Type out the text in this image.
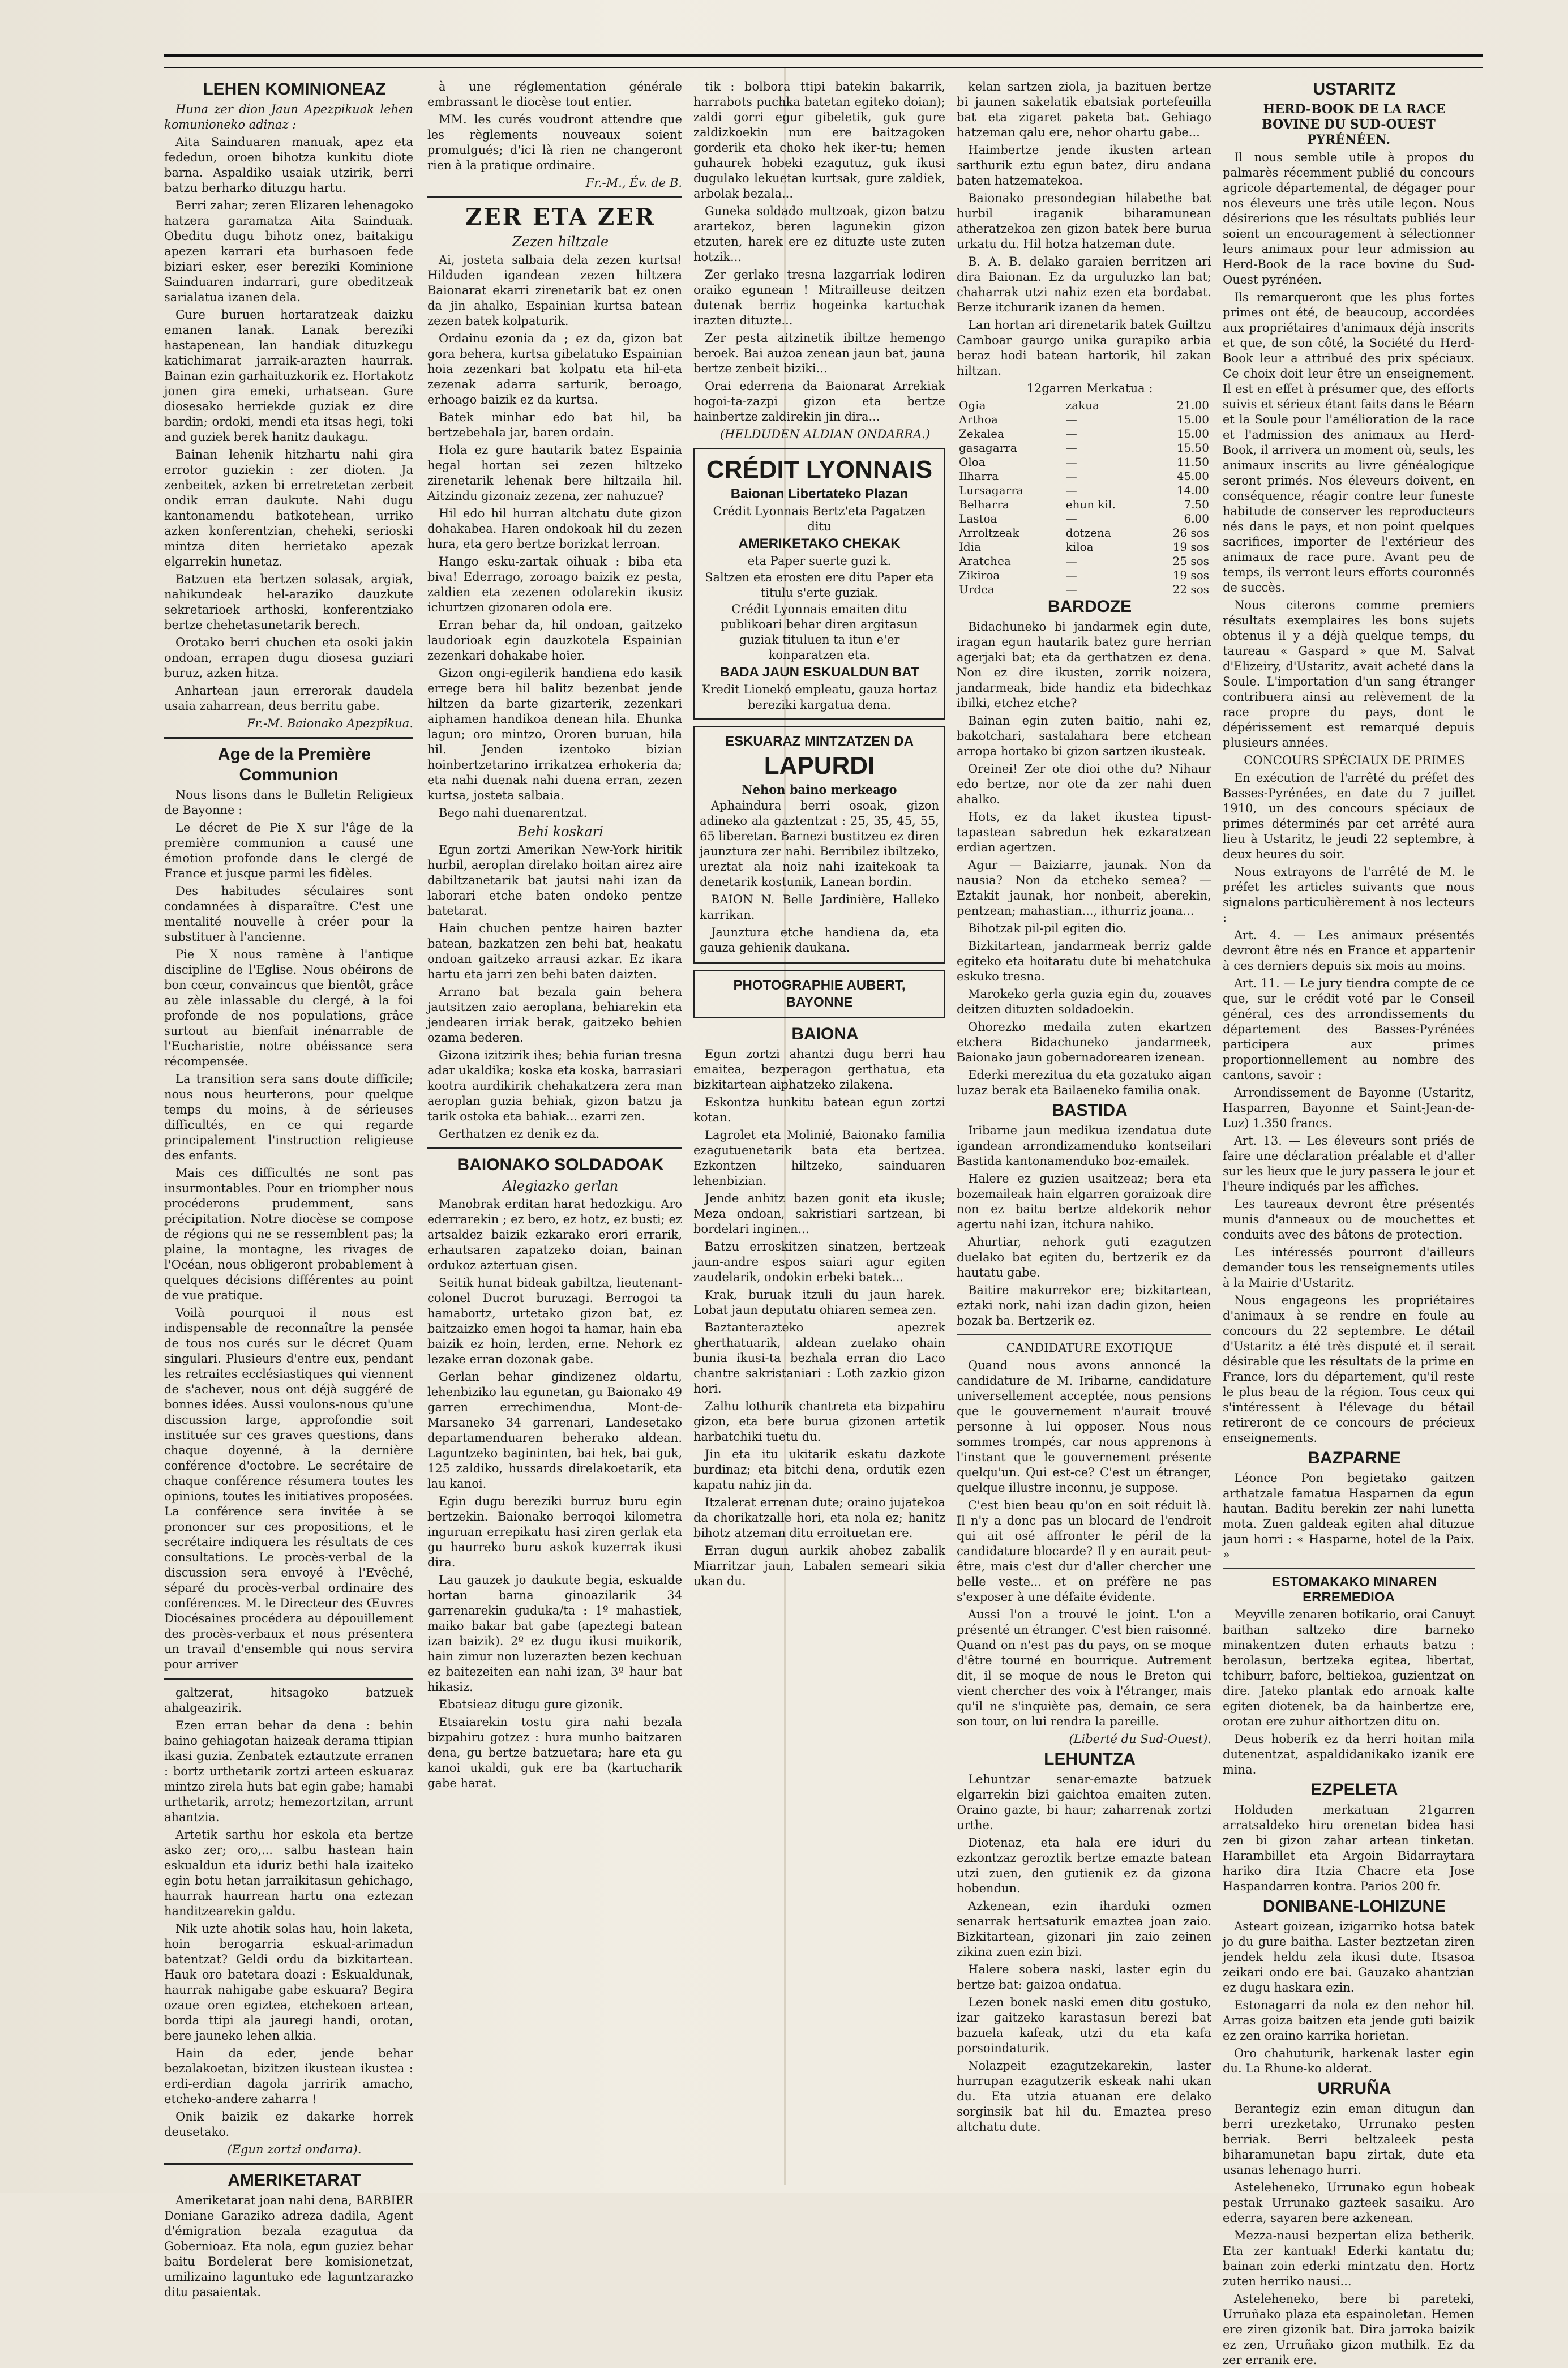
LEHEN KOMINIONEAZ

Huna zer dion Jaun Apezpikuak lehen komunioneko adinaz :

Aita Sainduaren manuak, apez eta fededun, oroen bihotza kunkitu diote barna. Aspaldiko usaiak utzirik, berri batzu berharko dituzgu hartu.

Berri zahar; zeren Elizaren lehenagoko hatzera garamatza Aita Sainduak. Obeditu dugu bihotz onez, baitakigu apezen karrari eta burhasoen fede biziari esker, eser bereziki Kominione Sainduaren indarrari, gure obeditzeak sarialatua izanen dela.

Gure buruen hortaratzeak daizku emanen lanak. Lanak bereziki hastapenean, lan handiak dituzkegu katichimarat jarraik-arazten haurrak. Bainan ezin garhaituzkorik ez. Hortakotz jonen gira emeki, urhatsean. Gure diosesako herriekde guziak ez dire bardin; ordoki, mendi eta itsas hegi, toki and guziek berek hanitz daukagu.

Bainan lehenik hitzhartu nahi gira errotor guziekin : zer dioten. Ja zenbeitek, azken bi erretretetan zerbeit ondik erran daukute. Nahi dugu kantonamendu batkotehean, urriko azken konferentzian, cheheki, serioski mintza diten herrietako apezak elgarrekin hunetaz.

Batzuen eta bertzen solasak, argiak, nahikundeak hel-araziko dauzkute sekretarioek arthoski, konferentziako bertze chehetasunetarik berech.

Orotako berri chuchen eta osoki jakin ondoan, errapen dugu diosesa guziari buruz, azken hitza.

Anhartean jaun errerorak daudela usaia zaharrean, deus berritu gabe.

Fr.-M. Baionako Apezpikua.

Age de la Première Communion

Nous lisons dans le Bulletin Religieux de Bayonne :

Le décret de Pie X sur l'âge de la première communion a causé une émotion profonde dans le clergé de France et jusque parmi les fidèles.

Des habitudes séculaires sont condamnées à disparaître. C'est une mentalité nouvelle à créer pour la substituer à l'ancienne.

Pie X nous ramène à l'antique discipline de l'Eglise. Nous obéirons de bon cœur, convaincus que bientôt, grâce au zèle inlassable du clergé, à la foi profonde de nos populations, grâce surtout au bienfait inénarrable de l'Eucharistie, notre obéissance sera récompensée.

La transition sera sans doute difficile; nous nous heurterons, pour quelque temps du moins, à de sérieuses difficultés, en ce qui regarde principalement l'instruction religieuse des enfants.

Mais ces difficultés ne sont pas insurmontables. Pour en triompher nous procéderons prudemment, sans précipitation. Notre diocèse se compose de régions qui ne se ressemblent pas; la plaine, la montagne, les rivages de l'Océan, nous obligeront probablement à quelques décisions différentes au point de vue pratique.

Voilà pourquoi il nous est indispensable de reconnaître la pensée de tous nos curés sur le décret Quam singulari. Plusieurs d'entre eux, pendant les retraites ecclésiastiques qui viennent de s'achever, nous ont déjà suggéré de bonnes idées. Aussi voulons-nous qu'une discussion large, approfondie soit instituée sur ces graves questions, dans chaque doyenné, à la dernière conférence d'octobre. Le secrétaire de chaque conférence résumera toutes les opinions, toutes les initiatives proposées. La conférence sera invitée à se prononcer sur ces propositions, et le secrétaire indiquera les résultats de ces consultations. Le procès-verbal de la discussion sera envoyé à l'Evêché, séparé du procès-verbal ordinaire des conférences. M. le Directeur des Œuvres Diocésaines procédera au dépouillement des procès-verbaux et nous présentera un travail d'ensemble qui nous servira pour arriver

galtzerat, hitsagoko batzuek ahalgeazirik.

Ezen erran behar da dena : behin baino gehiagotan haizeak derama ttipian ikasi guzia. Zenbatek eztautzute erranen : bortz urthetarik zortzi arteen eskuaraz mintzo zirela huts bat egin gabe; hamabi urthetarik, arrotz; hemezortzitan, arrunt ahantzia.

Artetik sarthu hor eskola eta bertze asko zer; oro,... salbu hastean hain eskualdun eta iduriz bethi hala izaiteko egin botu hetan jarraikitasun gehichago, haurrak haurrean hartu ona eztezan handitzearekin galdu.

Nik uzte ahotik solas hau, hoin laketa, hoin berogarria eskual-arimadun batentzat? Geldi ordu da bizkitartean. Hauk oro batetara doazi : Eskualdunak, haurrak nahigabe gabe eskuara? Begira ozaue oren egiztea, etchekoen artean, borda ttipi ala jauregi handi, orotan, bere jauneko lehen alkia.

Hain da eder, jende behar bezalakoetan, bizitzen ikustean ikustea : erdi-erdian dagola jarririk amacho, etcheko-andere zaharra !

Onik baizik ez dakarke horrek deusetako.

(Egun zortzi ondarra).

AMERIKETARAT

Ameriketarat joan nahi dena, BARBIER Doniane Garaziko adreza dadila, Agent d'émigration bezala ezagutua da Gobernioaz. Eta nola, egun guziez behar baitu Bordelerat bere komisionetzat, umilizaino laguntuko ede laguntzarazko ditu pasaientak.

à une réglementation générale embrassant le diocèse tout entier.

MM. les curés voudront attendre que les règlements nouveaux soient promulgués; d'ici là rien ne changeront rien à la pratique ordinaire.

Fr.-M., Év. de B.

ZER ETA ZER

Zezen hiltzale

Ai, josteta salbaia dela zezen kurtsa! Hilduden igandean zezen hiltzera Baionarat ekarri zirenetarik bat ez onen da jin ahalko, Espainian kurtsa batean zezen batek kolpaturik.

Ordainu ezonia da ; ez da, gizon bat gora behera, kurtsa gibelatuko Espainian hoia zezenkari bat kolpatu eta hil-eta zezenak adarra sarturik, beroago, erhoago baizik ez da kurtsa.

Batek minhar edo bat hil, ba bertzebehala jar, baren ordain.

Hola ez gure hautarik batez Espainia hegal hortan sei zezen hiltzeko zirenetarik lehenak bere hiltzaila hil. Aitzindu gizonaiz zezena, zer nahuzue?

Hil edo hil hurran altchatu dute gizon dohakabea. Haren ondokoak hil du zezen hura, eta gero bertze borizkat lerroan.

Hango esku-zartak oihuak : biba eta biva! Ederrago, zoroago baizik ez pesta, zaldien eta zezenen odolarekin ikusiz ichurtzen gizonaren odola ere.

Erran behar da, hil ondoan, gaitzeko laudorioak egin dauzkotela Espainian zezenkari dohakabe hoier.

Gizon ongi-egilerik handiena edo kasik errege bera hil balitz bezenbat jende hiltzen da barte gizarterik, zezenkari aiphamen handikoa denean hila. Ehunka lagun; oro mintzo, Ororen buruan, hila hil. Jenden izentoko bizian hoinbertzetarino irrikatzea erhokeria da; eta nahi duenak nahi duena erran, zezen kurtsa, josteta salbaia.

Bego nahi duenarentzat.

Behi koskari

Egun zortzi Amerikan New-York hiritik hurbil, aeroplan direlako hoitan airez aire dabiltzanetarik bat jautsi nahi izan da laborari etche baten ondoko pentze batetarat.

Hain chuchen pentze hairen bazter batean, bazkatzen zen behi bat, heakatu ondoan gaitzeko arrausi azkar. Ez ikara hartu eta jarri zen behi baten daizten.

Arrano bat bezala gain behera jautsitzen zaio aeroplana, behiarekin eta jendearen irriak berak, gaitzeko behien ozama bederen.

Gizona izitzirik ihes; behia furian tresna adar ukaldika; koska eta koska, barrasiari kootra aurdikirik chehakatzera zera man aeroplan guzia behiak, gizon batzu ja tarik ostoka eta bahiak... ezarri zen.

Gerthatzen ez denik ez da.

BAIONAKO SOLDADOAK

Alegiazko gerlan

Manobrak erditan harat hedozkigu. Aro ederrarekin ; ez bero, ez hotz, ez busti; ez artsaldez baizik ezkarako erori errarik, erhautsaren zapatzeko doian, bainan ordukoz aztertuan gisen.

Seitik hunat bideak gabiltza, lieutenant-colonel Ducrot buruzagi. Berrogoi ta hamabortz, urtetako gizon bat, ez baitzaizko emen hogoi ta hamar, hain eba baizik ez hoin, lerden, erne. Nehork ez lezake erran dozonak gabe.

Gerlan behar gindizenez oldartu, lehenbiziko lau egunetan, gu Baionako 49 garren errechimendua, Mont-de-Marsaneko 34 garrenari, Landesetako departamenduaren beherako aldean. Laguntzeko bagininten, bai hek, bai guk, 125 zaldiko, hussards direlakoetarik, eta lau kanoi.

Egin dugu bereziki burruz buru egin bertzekin. Baionako berroqoi kilometra inguruan errepikatu hasi ziren gerlak eta gu haurreko buru askok kuzerrak ikusi dira.

Lau gauzek jo daukute begia, eskualde hortan barna ginoazilarik 34 garrenarekin guduka/ta : 1º mahastiek, maiko bakar bat gabe (apeztegi batean izan baizik). 2º ez dugu ikusi muikorik, hain zimur non luzerazten bezen kechuan ez baitezeiten ean nahi izan, 3º haur bat hikasiz.

Ebatsieaz ditugu gure gizonik.

Etsaiarekin tostu gira nahi bezala bizpahiru gotzez : hura munho baitzaren dena, gu bertze batzuetara; hare eta gu kanoi ukaldi, guk ere ba (kartucharik gabe harat.

tik : bolbora ttipi batekin bakarrik, harrabots puchka batetan egiteko doian); zaldi gorri egur gibeletik, guk gure zaldizkoekin nun ere baitzagoken gorderik eta choko hek iker-tu; hemen guhaurek hobeki ezagutuz, guk ikusi dugulako lekuetan kurtsak, gure zaldiek, arbolak bezala...

Guneka soldado multzoak, gizon batzu arartekoz, beren lagunekin gizon etzuten, harek ere ez dituzte uste zuten hotzik...

Zer gerlako tresna lazgarriak lodiren oraiko egunean ! Mitrailleuse deitzen dutenak berriz hogeinka kartuchak irazten dituzte...

Zer pesta aitzinetik ibiltze hemengo beroek. Bai auzoa zenean jaun bat, jauna bertze zenbeit biziki...

Orai ederrena da Baionarat Arrekiak hogoi-ta-zazpi gizon eta bertze hainbertze zaldirekin jin dira...

(HELDUDEN ALDIAN ONDARRA.)

CRÉDIT LYONNAIS
Baionan Libertateko Plazan
Crédit Lyonnais Bertz'eta Pagatzen ditu
AMERIKETAKO CHEKAK
eta Paper suerte guzi k.
Saltzen eta erosten ere ditu Paper eta titulu s'erte guziak.
Crédit Lyonnais emaiten ditu publikoari behar diren argitasun guziak tituluen ta itun e'er konparatzen eta.
BADA JAUN ESKUALDUN BAT
Kredit Lionekó empleatu, gauza hortaz bereziki kargatua dena.
ESKUARAZ MINTZATZEN DA
LAPURDI
Nehon baino merkeago

Aphaindura berri osoak, gizon adineko ala gaztentzat : 25, 35, 45, 55, 65 liberetan. Barnezi bustitzeu ez diren jaunztura zer nahi. Berribilez ibiltzeko, ureztat ala noiz nahi izaitekoak ta denetarik kostunik, Lanean bordin.

BAION N. Belle Jardinière, Halleko karrikan.

Jaunztura etche handiena da, eta gauza gehienik daukana.

PHOTOGRAPHIE AUBERT, BAYONNE

BAIONA

Egun zortzi ahantzi dugu berri hau emaitea, bezperagon gerthatua, eta bizkitartean aiphatzeko zilakena.

Eskontza hunkitu batean egun zortzi kotan.

Lagrolet eta Molinié, Baionako familia ezagutuenetarik bata eta bertzea. Ezkontzen hiltzeko, sainduaren lehenbizian.

Jende anhitz bazen gonit eta ikusle; Meza ondoan, sakristiari sartzean, bi bordelari inginen...

Batzu erroskitzen sinatzen, bertzeak jaun-andre espos saiari agur egiten zaudelarik, ondokin erbeki batek...

Krak, buruak itzuli du jaun harek. Lobat jaun deputatu ohiaren semea zen.

Baztanterazteko apezrek gherthatuarik, aldean zuelako ohain bunia ikusi-ta bezhala erran dio Laco chantre sakristaniari : Loth zazkio gizon hori.

Zalhu lothurik chantreta eta bizpahiru gizon, eta bere burua gizonen artetik harbatchiki tuetu du.

Jin eta itu ukitarik eskatu dazkote burdinaz; eta bitchi dena, ordutik ezen kapatu nahiz jin da.

Itzalerat errenan dute; oraino jujatekoa da chorikatzalle hori, eta nola ez; hanitz bihotz atzeman ditu erroituetan ere.

Erran dugun aurkik ahobez zabalik Miarritzar jaun, Labalen semeari sikia ukan du.

kelan sartzen ziola, ja bazituen bertze bi jaunen sakelatik ebatsiak portefeuilla bat eta zigaret paketa bat. Gehiago hatzeman qalu ere, nehor ohartu gabe...

Haimbertze jende ikusten artean sarthurik eztu egun batez, diru andana baten hatzematekoa.

Baionako presondegian hilabethe bat hurbil iraganik biharamunean atheratzekoa zen gizon batek bere burua urkatu du. Hil hotza hatzeman dute.

B. A. B. delako garaien berritzen ari dira Baionan. Ez da urguluzko lan bat; chaharrak utzi nahiz ezen eta bordabat. Berze itchurarik izanen da hemen.

Lan hortan ari direnetarik batek Guiltzu Camboar gaurgo unika gurapiko arbia beraz hodi batean hartorik, hil zakan hiltzan.

12garren Merkatua :

Ogia	zakua	21.00
Arthoa	—	15.00
Zekalea	—	15.00
gasagarra	—	15.50
Oloa	—	11.50
Ilharra	—	45.00
Lursagarra	—	14.00
Belharra	ehun kil.	7.50
Lastoa	—	6.00
Arroltzeak	dotzena	26 sos
Idia	kiloa	19 sos
Aratchea	—	25 sos
Zikiroa	—	19 sos
Urdea	—	22 sos

BARDOZE

Bidachuneko bi jandarmek egin dute, iragan egun hautarik batez gure herrian agerjaki bat; eta da gerthatzen ez dena. Non ez dire ikusten, zorrik noizera, jandarmeak, bide handiz eta bidechkaz ibilki, etchez etche?

Bainan egin zuten baitio, nahi ez, bakotchari, sastalahara bere etchean arropa hortako bi gizon sartzen ikusteak.

Oreinei! Zer ote dioi othe du? Nihaur edo bertze, nor ote da zer nahi duen ahalko.

Hots, ez da laket ikustea tipust-tapastean sabredun hek ezkaratzean erdian agertzen.

Agur — Baiziarre, jaunak. Non da nausia? Non da etcheko semea? — Eztakit jaunak, hor nonbeit, aberekin, pentzean; mahastian..., ithurriz joana...

Bihotzak pil-pil egiten dio.

Bizkitartean, jandarmeak berriz galde egiteko eta hoitaratu dute bi mehatchuka eskuko tresna.

Marokeko gerla guzia egin du, zouaves deitzen dituzten soldadoekin.

Ohorezko medaila zuten ekartzen etchera Bidachuneko jandarmeek, Baionako jaun gobernadorearen izenean.

Ederki merezitua du eta gozatuko aigan luzaz berak eta Bailaeneko familia onak.

BASTIDA

Iribarne jaun medikua izendatua dute igandean arrondizamenduko kontseilari Bastida kantonamenduko boz-emailek.

Halere ez guzien usaitzeaz; bera eta bozemaileak hain elgarren goraizoak dire non ez baitu bertze aldekorik nehor agertu nahi izan, itchura nahiko.

Ahurtiar, nehork guti ezagutzen duelako bat egiten du, bertzerik ez da hautatu gabe.

Baitire makurrekor ere; bizkitartean, eztaki nork, nahi izan dadin gizon, heien bozak ba. Bertzerik ez.

CANDIDATURE EXOTIQUE

Quand nous avons annoncé la candidature de M. Iribarne, candidature universellement acceptée, nous pensions que le gouvernement n'aurait trouvé personne à lui opposer. Nous nous sommes trompés, car nous apprenons à l'instant que le gouvernement présente quelqu'un. Qui est-ce? C'est un étranger, quelque illustre inconnu, je suppose.

C'est bien beau qu'on en soit réduit là. Il n'y a donc pas un blocard de l'endroit qui ait osé affronter le péril de la candidature blocarde? Il y en aurait peut-être, mais c'est dur d'aller chercher une belle veste... et on préfère ne pas s'exposer à une défaite évidente.

Aussi l'on a trouvé le joint. L'on a présenté un étranger. C'est bien raisonné. Quand on n'est pas du pays, on se moque d'être tourné en bourrique. Autrement dit, il se moque de nous le Breton qui vient chercher des voix à l'étranger, mais qu'il ne s'inquiète pas, demain, ce sera son tour, on lui rendra la pareille.

(Liberté du Sud-Ouest).

LEHUNTZA

Lehuntzar senar-emazte batzuek elgarrekin bizi gaichtoa emaiten zuten. Oraino gazte, bi haur; zaharrenak zortzi urthe.

Diotenaz, eta hala ere iduri du ezkontzaz geroztik bertze emazte batean utzi zuen, den gutienik ez da gizona hobendun.

Azkenean, ezin iharduki ozmen senarrak hertsaturik emaztea joan zaio. Bizkitartean, gizonari jin zaio zeinen zikina zuen ezin bizi.

Halere sobera naski, laster egin du bertze bat: gaizoa ondatua.

Lezen bonek naski emen ditu gostuko, izar gaitzeko karastasun berezi bat bazuela kafeak, utzi du eta kafa porsoindaturik.

Nolazpeit ezagutzekarekin, laster hurrupan ezagutzerik eskeak nahi ukan du. Eta utzia atuanan ere delako sorginsik bat hil du. Emaztea preso altchatu dute.

USTARITZ

HERD-BOOK DE LA RACE BOVINE DU SUD-OUEST PYRÉNÉEN.

Il nous semble utile à propos du palmarès récemment publié du concours agricole départemental, de dégager pour nos éleveurs une très utile leçon. Nous désirerions que les résultats publiés leur soient un encouragement à sélectionner leurs animaux pour leur admission au Herd-Book de la race bovine du Sud-Ouest pyrénéen.

Ils remarqueront que les plus fortes primes ont été, de beaucoup, accordées aux propriétaires d'animaux déjà inscrits et que, de son côté, la Société du Herd-Book leur a attribué des prix spéciaux. Ce choix doit leur être un enseignement. Il est en effet à présumer que, des efforts suivis et sérieux étant faits dans le Béarn et la Soule pour l'amélioration de la race et l'admission des animaux au Herd-Book, il arrivera un moment où, seuls, les animaux inscrits au livre généalogique seront primés. Nos éleveurs doivent, en conséquence, réagir contre leur funeste habitude de conserver les reproducteurs nés dans le pays, et non point quelques sacrifices, importer de l'extérieur des animaux de race pure. Avant peu de temps, ils verront leurs efforts couronnés de succès.

Nous citerons comme premiers résultats exemplaires les bons sujets obtenus il y a déjà quelque temps, du taureau « Gaspard » que M. Salvat d'Elizeiry, d'Ustaritz, avait acheté dans la Soule. L'importation d'un sang étranger contribuera ainsi au relèvement de la race propre du pays, dont le dépérissement est remarqué depuis plusieurs années.

CONCOURS SPÉCIAUX DE PRIMES

En exécution de l'arrêté du préfet des Basses-Pyrénées, en date du 7 juillet 1910, un des concours spéciaux de primes déterminés par cet arrêté aura lieu à Ustaritz, le jeudi 22 septembre, à deux heures du soir.

Nous extrayons de l'arrêté de M. le préfet les articles suivants que nous signalons particulièrement à nos lecteurs :

Art. 4. — Les animaux présentés devront être nés en France et appartenir à ces derniers depuis six mois au moins.

Art. 11. — Le jury tiendra compte de ce que, sur le crédit voté par le Conseil général, ces des arrondissements du département des Basses-Pyrénées participera aux primes proportionnellement au nombre des cantons, savoir :

Arrondissement de Bayonne (Ustaritz, Hasparren, Bayonne et Saint-Jean-de-Luz) 1.350 francs.

Art. 13. — Les éleveurs sont priés de faire une déclaration préalable et d'aller sur les lieux que le jury passera le jour et l'heure indiqués par les affiches.

Les taureaux devront être présentés munis d'anneaux ou de mouchettes et conduits avec des bâtons de protection.

Les intéressés pourront d'ailleurs demander tous les renseignements utiles à la Mairie d'Ustaritz.

Nous engageons les propriétaires d'animaux à se rendre en foule au concours du 22 septembre. Le détail d'Ustaritz a été très disputé et il serait désirable que les résultats de la prime en France, lors du département, qu'il reste le plus beau de la région. Tous ceux qui s'intéressent à l'élevage du bétail retireront de ce concours de précieux enseignements.

BAZPARNE

Léonce Pon begietako gaitzen arthatzale famatua Hasparnen da egun hautan. Baditu berekin zer nahi lunetta mota. Zuen galdeak egiten ahal dituzue jaun horri : « Hasparne, hotel de la Paix. »

ESTOMAKAKO MINAREN ERREMEDIOA

Meyville zenaren botikario, orai Canuyt baithan saltzeko dire barneko minakentzen duten erhauts batzu : berolasun, bertzeka egitea, libertat, tchiburr, baforc, beltiekoa, guzientzat on dire. Jateko plantak edo arnoak kalte egiten diotenek, ba da hainbertze ere, orotan ere zuhur aithortzen ditu on.

Deus hoberik ez da herri hoitan mila dutenentzat, aspaldidanikako izanik ere mina.

EZPELETA

Holduden merkatuan 21garren arratsaldeko hiru orenetan bidea hasi zen bi gizon zahar artean tinketan. Harambillet eta Argoin Bidarraytara hariko dira Itzia Chacre eta Jose Haspandarren kontra. Parios 200 fr.

DONIBANE-LOHIZUNE

Asteart goizean, izigarriko hotsa batek jo du gure baitha. Laster beztzetan ziren jendek heldu zela ikusi dute. Itsasoa zeikari ondo ere bai. Gauzako ahantzian ez dugu haskara ezin.

Estonagarri da nola ez den nehor hil. Arras goiza baitzen eta jende guti baizik ez zen oraino karrika horietan.

Oro chahuturik, harkenak laster egin du. La Rhune-ko alderat.

URRUÑA

Berantegiz ezin eman ditugun dan berri urezketako, Urrunako pesten berriak. Berri beltzaleek pesta biharamunetan bapu zirtak, dute eta usanas lehenago hurri.

Asteleheneko, Urrunako egun hobeak pestak Urrunako gazteek sasaiku. Aro ederra, sayaren bere azkenean.

Mezza-nausi bezpertan eliza betherik. Eta zer kantuak! Ederki kantatu du; bainan zoin ederki mintzatu den. Hortz zuten herriko nausi...

Asteleheneko, bere bi pareteki, Urruñako plaza eta espainoletan. Hemen ere ziren gizonik bat. Dira jarroka baizik ez zen, Urruñako gizon muthilk. Ez da zer erranik ere.
